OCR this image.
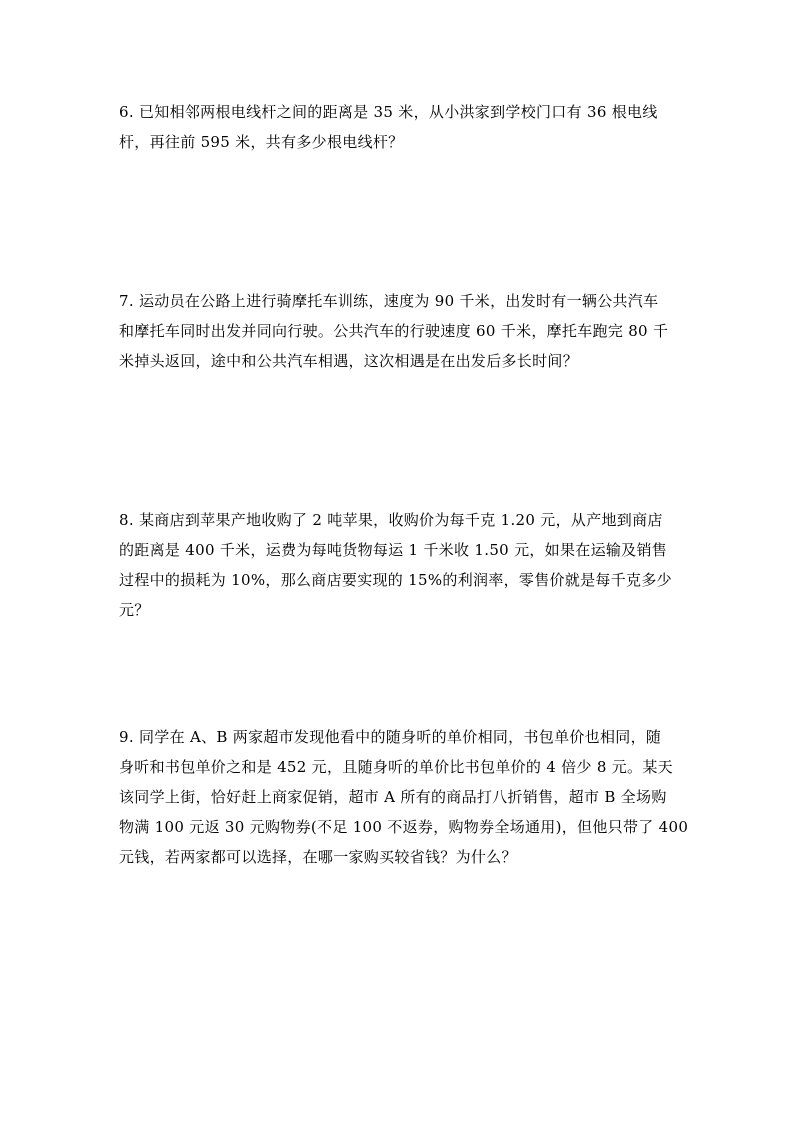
6. 已知相邻两根电线杆之间的距离是 35 米，从小洪家到学校门口有 36 根电线
杆，再往前 595 米，共有多少根电线杆？
7. 运动员在公路上进行骑摩托车训练，速度为 90 千米，出发时有一辆公共汽车
和摩托车同时出发并同向行驶。公共汽车的行驶速度 60 千米，摩托车跑完 80 千
米掉头返回，途中和公共汽车相遇，这次相遇是在出发后多长时间？
8. 某商店到苹果产地收购了 2 吨苹果，收购价为每千克 1.20 元，从产地到商店
的距离是 400 千米，运费为每吨货物每运 1 千米收 1.50 元，如果在运输及销售
过程中的损耗为 10%，那么商店要实现的 15%的利润率，零售价就是每千克多少
元？
9. 同学在 A、B 两家超市发现他看中的随身听的单价相同，书包单价也相同，随
身听和书包单价之和是 452 元，且随身听的单价比书包单价的 4 倍少 8 元。某天
该同学上街，恰好赶上商家促销，超市 A 所有的商品打八折销售，超市 B 全场购
物满 100 元返 30 元购物券(不足 100 不返券，购物券全场通用)，但他只带了 400
元钱，若两家都可以选择，在哪一家购买较省钱？为什么？
